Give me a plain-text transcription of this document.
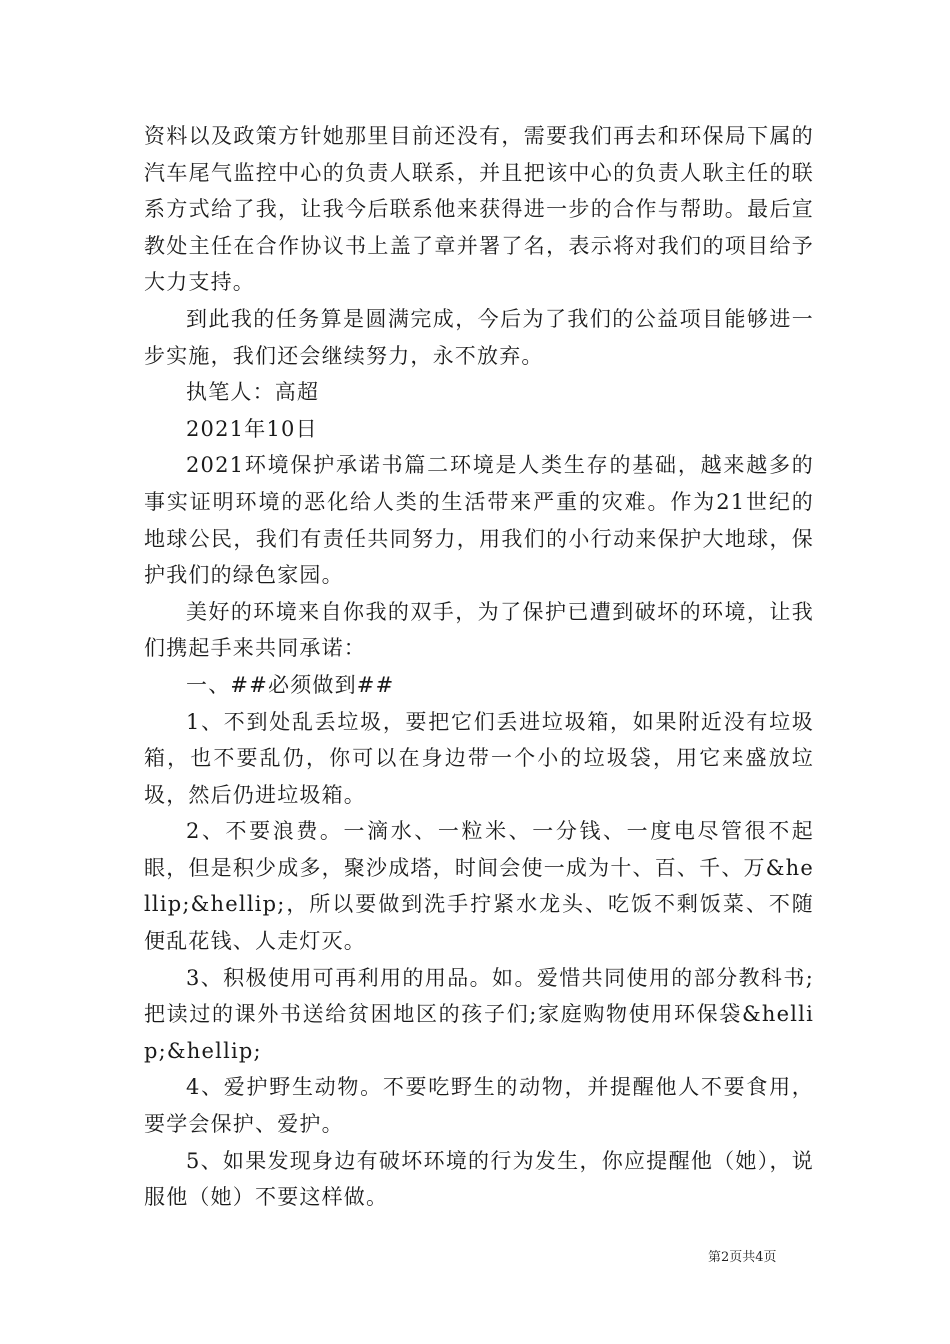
资料以及政策方针她那里目前还没有，需要我们再去和环保局下属的汽车尾气监控中心的负责人联系，并且把该中心的负责人耿主任的联系方式给了我，让我今后联系他来获得进一步的合作与帮助。最后宣教处主任在合作协议书上盖了章并署了名，表示将对我们的项目给予大力支持。

到此我的任务算是圆满完成，今后为了我们的公益项目能够进一步实施，我们还会继续努力，永不放弃。

执笔人：高超

2021年10日

2021环境保护承诺书篇二环境是人类生存的基础，越来越多的事实证明环境的恶化给人类的生活带来严重的灾难。作为21世纪的地球公民，我们有责任共同努力，用我们的小行动来保护大地球，保护我们的绿色家园。

美好的环境来自你我的双手，为了保护已遭到破坏的环境，让我们携起手来共同承诺：

一、##必须做到##

1、不到处乱丢垃圾，要把它们丢进垃圾箱，如果附近没有垃圾箱，也不要乱仍，你可以在身边带一个小的垃圾袋，用它来盛放垃圾，然后仍进垃圾箱。

2、不要浪费。一滴水、一粒米、一分钱、一度电尽管很不起眼，但是积少成多，聚沙成塔，时间会使一成为十、百、千、万&hellip;&hellip;，所以要做到洗手拧紧水龙头、吃饭不剩饭菜、不随便乱花钱、人走灯灭。

3、积极使用可再利用的用品。如。爱惜共同使用的部分教科书;把读过的课外书送给贫困地区的孩子们;家庭购物使用环保袋&hellip;&hellip;

4、爱护野生动物。不要吃野生的动物，并提醒他人不要食用，要学会保护、爱护。

5、如果发现身边有破坏环境的行为发生，你应提醒他（她），说服他（她）不要这样做。

第2页共4页
